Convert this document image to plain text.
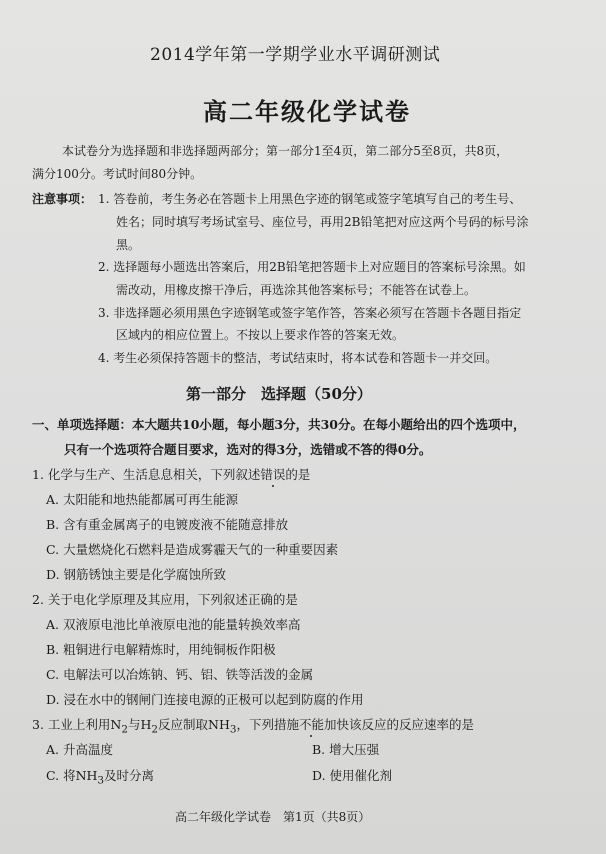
2014学年第一学期学业水平调研测试
高二年级化学试卷
本试卷分为选择题和非选择题两部分；第一部分1至4页，第二部分5至8页，共8页，
满分100分。考试时间80分钟。
注意事项： 1. 答卷前，考生务必在答题卡上用黑色字迹的钢笔或签字笔填写自己的考生号、
姓名；同时填写考场试室号、座位号，再用2B铅笔把对应这两个号码的标号涂
黑。
2. 选择题每小题选出答案后，用2B铅笔把答题卡上对应题目的答案标号涂黑。如
需改动，用橡皮擦干净后，再选涂其他答案标号；不能答在试卷上。
3. 非选择题必须用黑色字迹钢笔或签字笔作答，答案必须写在答题卡各题目指定
区域内的相应位置上。不按以上要求作答的答案无效。
4. 考生必须保持答题卡的整洁，考试结束时，将本试卷和答题卡一并交回。
第一部分　选择题（50分）
一、单项选择题：本大题共10小题，每小题3分，共30分。在每小题给出的四个选项中，
只有一个选项符合题目要求，选对的得3分，选错或不答的得0分。
1. 化学与生产、生活息息相关，下列叙述错误的是
A. 太阳能和地热能都属可再生能源
B. 含有重金属离子的电镀废液不能随意排放
C. 大量燃烧化石燃料是造成雾霾天气的一种重要因素
D. 钢筋锈蚀主要是化学腐蚀所致
2. 关于电化学原理及其应用，下列叙述正确的是
A. 双液原电池比单液原电池的能量转换效率高
B. 粗铜进行电解精炼时，用纯铜板作阳极
C. 电解法可以冶炼钠、钙、铝、铁等活泼的金属
D. 浸在水中的钢闸门连接电源的正极可以起到防腐的作用
3. 工业上利用$N_2$与$H_2$反应制取$NH_3$，下列措施不能加快该反应的反应速率的是
A. 升高温度	B. 增大压强
C. 将$NH_3$及时分离	D. 使用催化剂
高二年级化学试卷　第1页（共8页）
